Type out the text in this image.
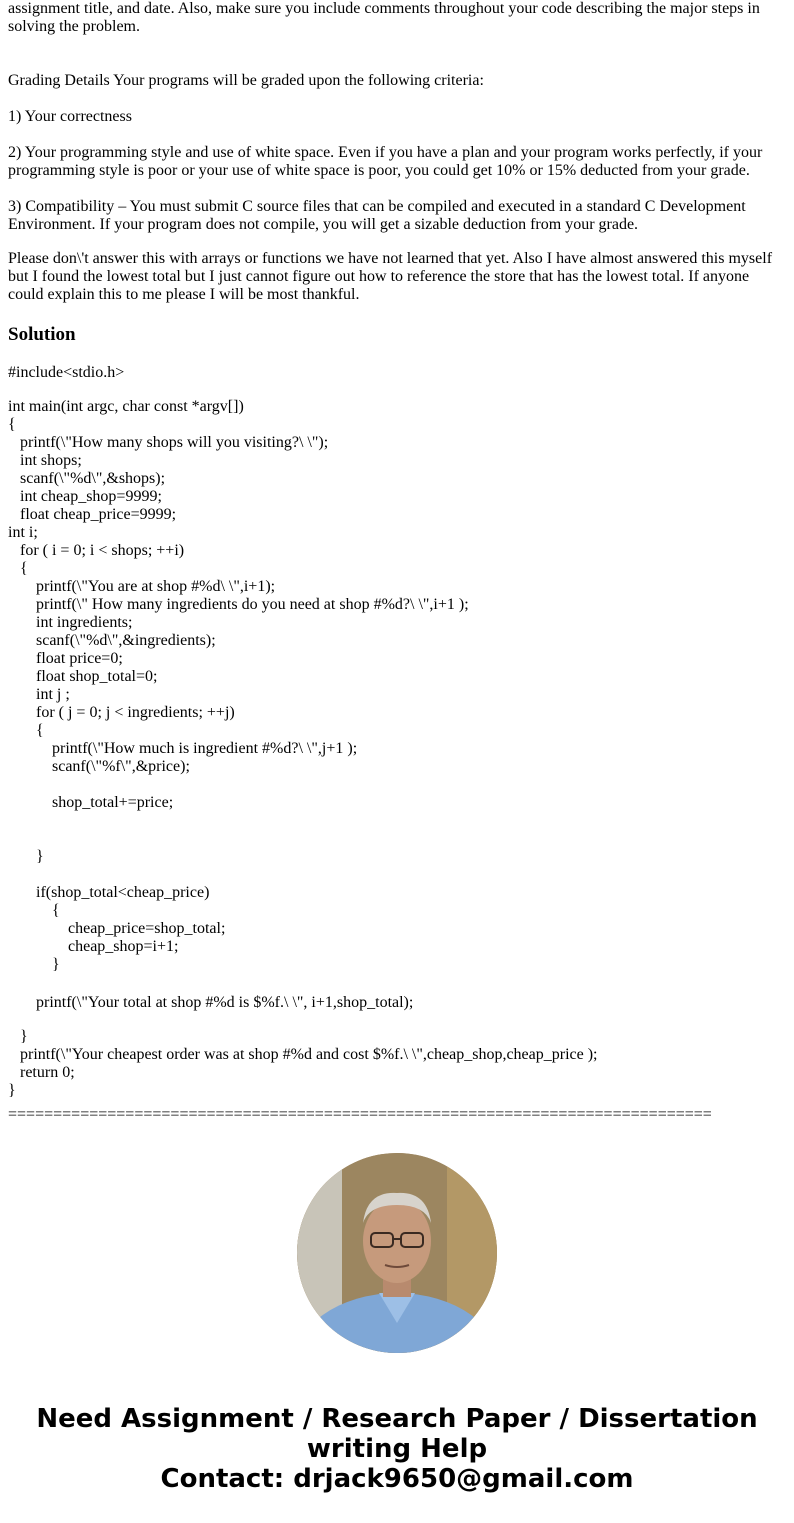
assignment title, and date. Also, make sure you include comments throughout your code describing the major steps in solving the problem.

Grading Details Your programs will be graded upon the following criteria:

1) Your correctness

2) Your programming style and use of white space. Even if you have a plan and your program works perfectly, if your programming style is poor or your use of white space is poor, you could get 10% or 15% deducted from your grade.

3) Compatibility – You must submit C source files that can be compiled and executed in a standard C Development Environment. If your program does not compile, you will get a sizable deduction from your grade.

Please don\'t answer this with arrays or functions we have not learned that yet. Also I have almost answered this myself but I found the lowest total but I just cannot figure out how to reference the store that has the lowest total. If anyone could explain this to me please I will be most thankful.

Solution
#include<stdio.h>
int main(int argc, char const *argv[])
{
printf(\"How many shops will you visiting?\ \");
int shops;
scanf(\"%d\",&shops);
int cheap_shop=9999;
float cheap_price=9999;
int i;
for ( i = 0; i < shops; ++i)
{
printf(\"You are at shop #%d\ \",i+1);
printf(\" How many ingredients do you need at shop #%d?\ \",i+1 );
int ingredients;
scanf(\"%d\",&ingredients);
float price=0;
float shop_total=0;
int j ;
for ( j = 0; j < ingredients; ++j)
{
printf(\"How much is ingredient #%d?\ \",j+1 );
scanf(\"%f\",&price);
shop_total+=price;
}
if(shop_total<cheap_price)
{
cheap_price=shop_total;
cheap_shop=i+1;
}
printf(\"Your total at shop #%d is $%f.\ \", i+1,shop_total);
}
printf(\"Your cheapest order was at shop #%d and cost $%f.\ \",cheap_shop,cheap_price );
return 0;
}
==============================================================================
Need Assignment / Research Paper / Dissertation
writing Help
Contact: drjack9650@gmail.com
